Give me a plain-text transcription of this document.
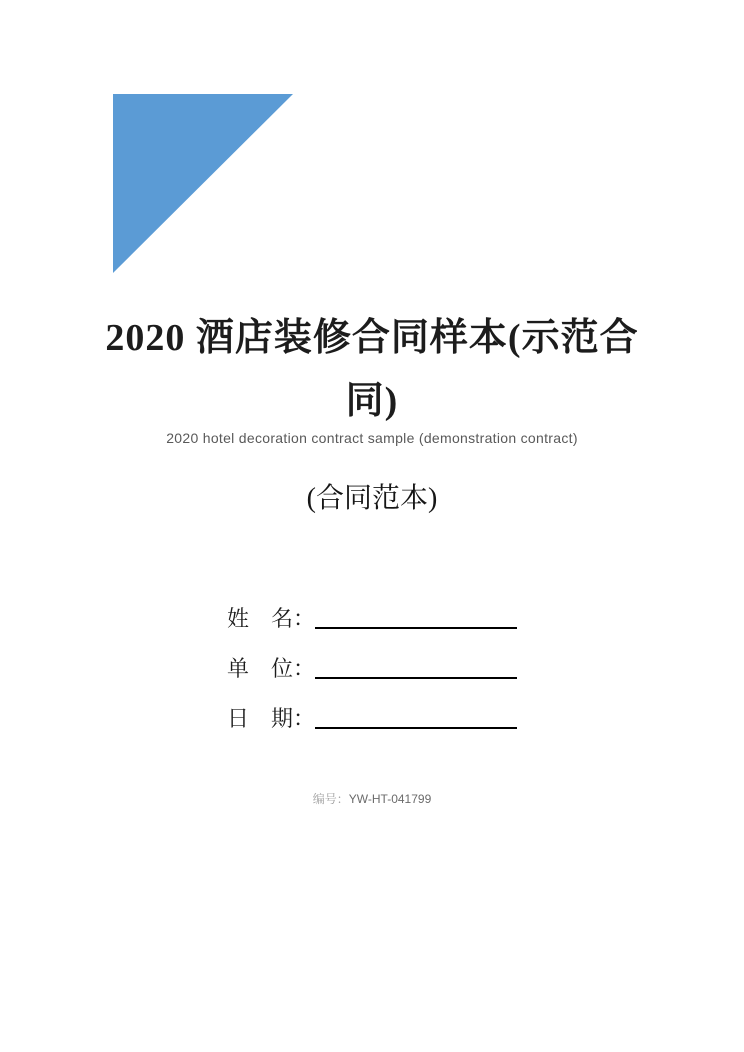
2020 酒店装修合同样本(示范合
同)
2020 hotel decoration contract sample (demonstration contract)
(合同范本)
姓　名：
单　位：
日　期：
编号：YW-HT-041799
